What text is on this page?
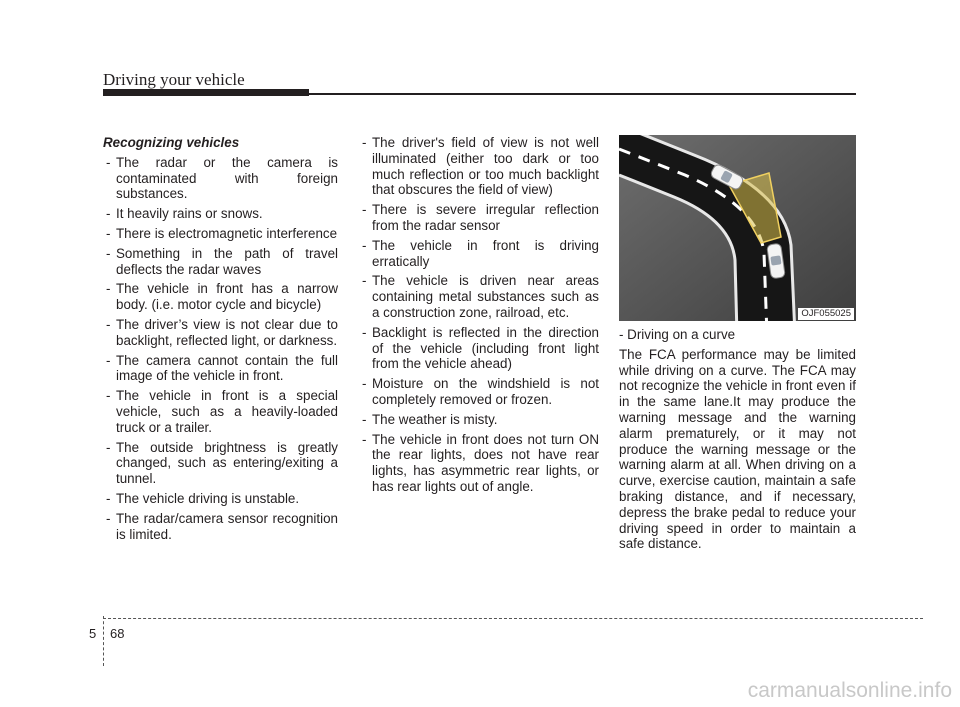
Driving your vehicle
Recognizing vehicles
- The radar or the camera is contaminated with foreign substances.
- It heavily rains or snows.
- There is electromagnetic interference
- Something in the path of travel deflects the radar waves
- The vehicle in front has a narrow body. (i.e. motor cycle and bicycle)
- The driver’s view is not clear due to backlight, reflected light, or darkness.
- The camera cannot contain the full image of the vehicle in front.
- The vehicle in front is a special vehicle, such as a heavily-loaded truck or a trailer.
- The outside brightness is greatly changed, such as entering/exiting a tunnel.
- The vehicle driving is unstable.
- The radar/camera sensor recognition is limited.
- The driver's field of view is not well illuminated (either too dark or too much reflection or too much backlight that obscures the field of view)
- There is severe irregular reflection from the radar sensor
- The vehicle in front is driving erratically
- The vehicle is driven near areas containing metal substances such as a construction zone, railroad, etc.
- Backlight is reflected in the direction of the vehicle (including front light from the vehicle ahead)
- Moisture on the windshield is not completely removed or frozen.
- The weather is misty.
- The vehicle in front does not turn ON the rear lights, does not have rear lights, has asymmetric rear lights, or has rear lights out of angle.
OJF055025

- Driving on a curve

The FCA performance may be limited while driving on a curve. The FCA may not recognize the vehicle in front even if in the same lane.It may produce the warning message and the warning alarm prematurely, or it may not produce the warning message or the warning alarm at all. When driving on a curve, exercise caution, maintain a safe braking distance, and if necessary, depress the brake pedal to reduce your driving speed in order to maintain a safe distance.

5 68
carmanualsonline.info
